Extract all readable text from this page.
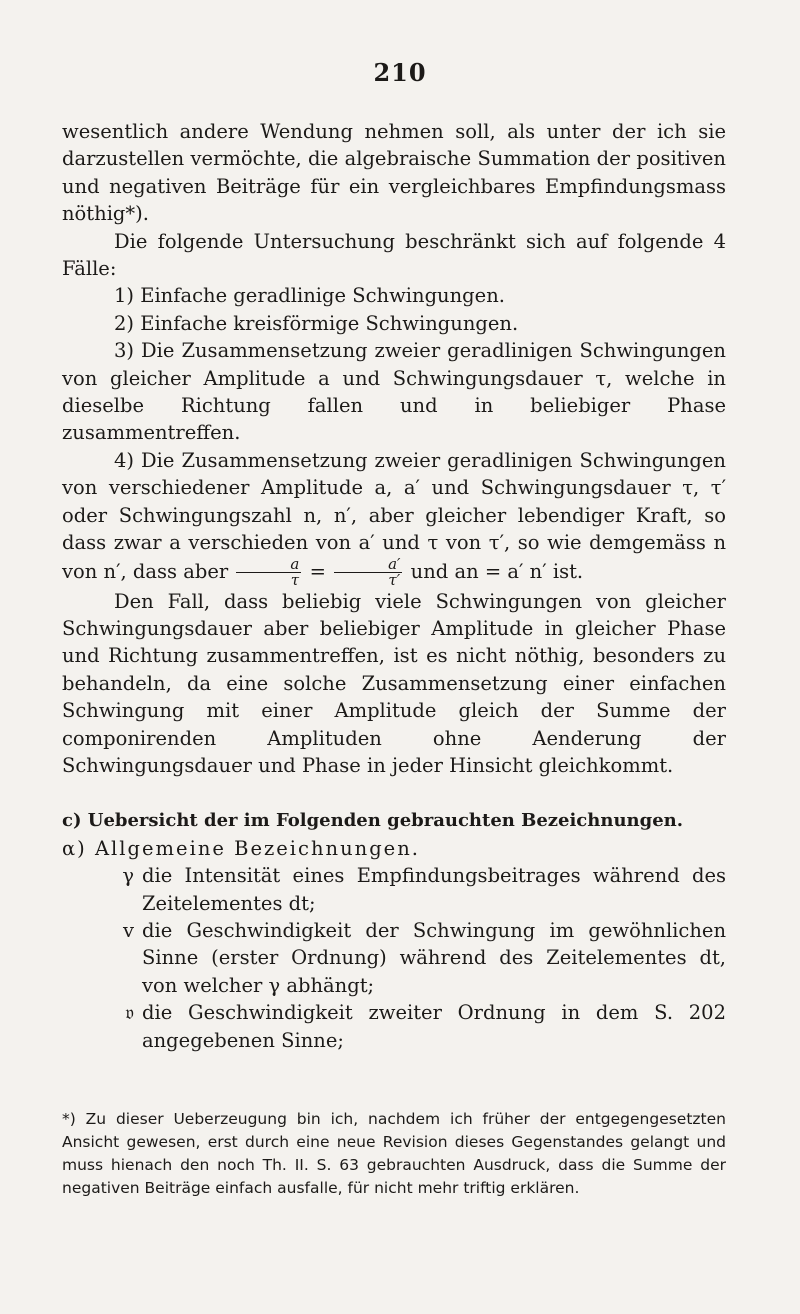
210

wesentlich andere Wendung nehmen soll, als unter der ich sie darzustellen vermöchte, die algebraische Summation der positiven und negativen Beiträge für ein vergleichbares Empfindungsmass nöthig*).

Die folgende Untersuchung beschränkt sich auf folgende 4 Fälle:

1) Einfache geradlinige Schwingungen.

2) Einfache kreisförmige Schwingungen.

3) Die Zusammensetzung zweier geradlinigen Schwingungen von gleicher Amplitude a und Schwingungsdauer τ, welche in dieselbe Richtung fallen und in beliebiger Phase zusammentreffen.

4) Die Zusammensetzung zweier geradlinigen Schwingungen von verschiedener Amplitude a, a′ und Schwingungsdauer τ, τ′ oder Schwingungszahl n, n′, aber gleicher lebendiger Kraft, so dass zwar a verschieden von a′ und τ von τ′, so wie demgemäss n von n′, dass aber $\frac{a}{\tau} = \frac{a'}{\tau'}$ und an = a′ n′ ist.

Den Fall, dass beliebig viele Schwingungen von gleicher Schwingungsdauer aber beliebiger Amplitude in gleicher Phase und Richtung zusammentreffen, ist es nicht nöthig, besonders zu behandeln, da eine solche Zusammensetzung einer einfachen Schwingung mit einer Amplitude gleich der Summe der componirenden Amplituden ohne Aenderung der Schwingungsdauer und Phase in jeder Hinsicht gleichkommt.

c) Uebersicht der im Folgenden gebrauchten Bezeichnungen.

α) Allgemeine Bezeichnungen.

γ die Intensität eines Empfindungsbeitrages während des Zeitelementes dt;

v die Geschwindigkeit der Schwingung im gewöhnlichen Sinne (erster Ordnung) während des Zeitelementes dt, von welcher γ abhängt;

𝔳 die Geschwindigkeit zweiter Ordnung in dem S. 202 angegebenen Sinne;

*) Zu dieser Ueberzeugung bin ich, nachdem ich früher der entgegengesetzten Ansicht gewesen, erst durch eine neue Revision dieses Gegenstandes gelangt und muss hienach den noch Th. II. S. 63 gebrauchten Ausdruck, dass die Summe der negativen Beiträge einfach ausfalle, für nicht mehr triftig erklären.
